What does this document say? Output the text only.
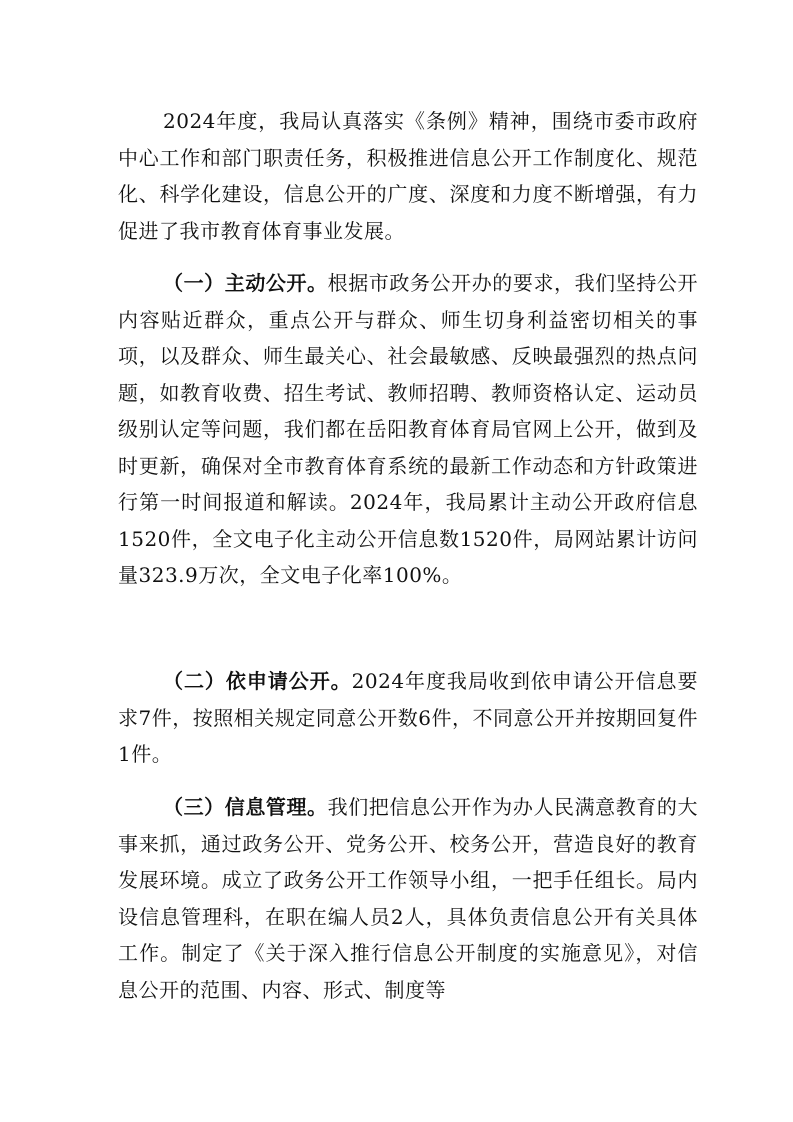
2024年度，我局认真落实《条例》精神，围绕市委市政府中心工作和部门职责任务，积极推进信息公开工作制度化、规范化、科学化建设，信息公开的广度、深度和力度不断增强，有力促进了我市教育体育事业发展。

（一）主动公开。根据市政务公开办的要求，我们坚持公开内容贴近群众，重点公开与群众、师生切身利益密切相关的事项，以及群众、师生最关心、社会最敏感、反映最强烈的热点问题，如教育收费、招生考试、教师招聘、教师资格认定、运动员级别认定等问题，我们都在岳阳教育体育局官网上公开，做到及时更新，确保对全市教育体育系统的最新工作动态和方针政策进行第一时间报道和解读。2024年，我局累计主动公开政府信息1520件，全文电子化主动公开信息数1520件，局网站累计访问量323.9万次，全文电子化率100%。

（二）依申请公开。2024年度我局收到依申请公开信息要求7件，按照相关规定同意公开数6件，不同意公开并按期回复件1件。

（三）信息管理。我们把信息公开作为办人民满意教育的大事来抓，通过政务公开、党务公开、校务公开，营造良好的教育发展环境。成立了政务公开工作领导小组，一把手任组长。局内设信息管理科，在职在编人员2人，具体负责信息公开有关具体工作。制定了《关于深入推行信息公开制度的实施意见》，对信息公开的范围、内容、形式、制度等
